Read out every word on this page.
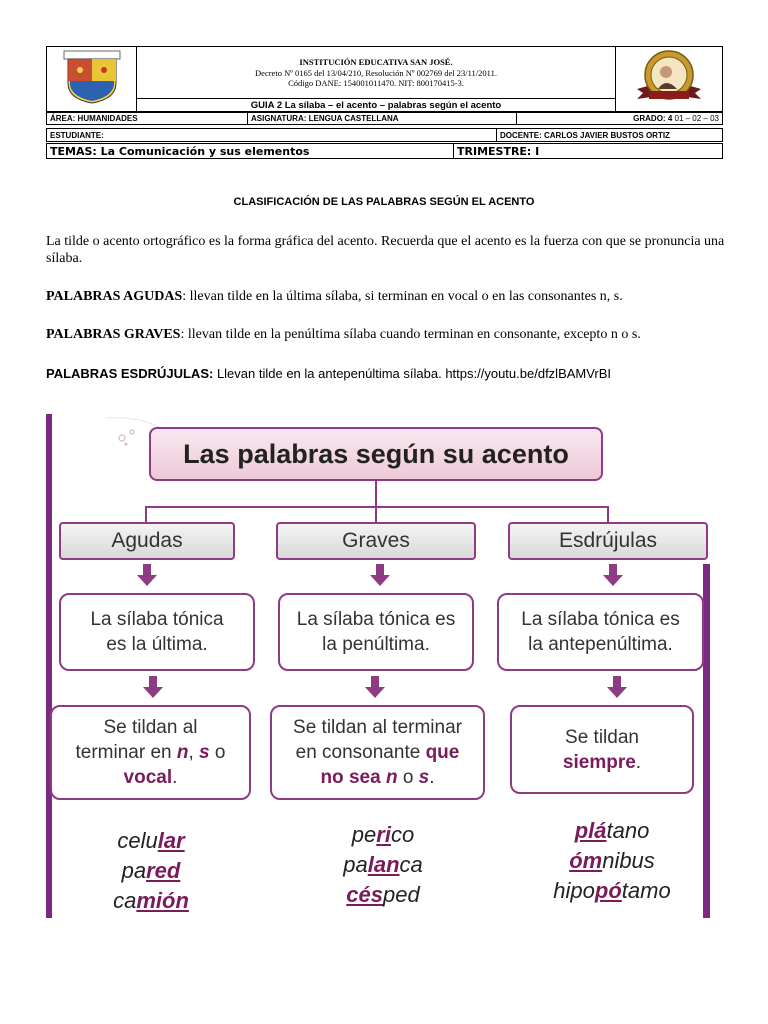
INSTITUCIÓN EDUCATIVA SAN JOSÉ.
Decreto Nº 0165 del 13/04/210, Resolución Nº 002769 del 23/11/2011.
Código DANE: 154001011470. NIT: 800170415-3.

GUIA 2 La sílaba – el acento – palabras según el acento
ÁREA: HUMANIDADES	ASIGNATURA: LENGUA CASTELLANA	GRADO: 4 01 – 02 – 03
ESTUDIANTE:	DOCENTE: CARLOS JAVIER BUSTOS ORTIZ
TEMAS: La Comunicación y sus elementos	TRIMESTRE: I
CLASIFICACIÓN DE LAS PALABRAS SEGÚN EL ACENTO
La tilde o acento ortográfico es la forma gráfica del acento. Recuerda que el acento es la fuerza con que se pronuncia una sílaba.
PALABRAS AGUDAS: llevan tilde en la última sílaba, si terminan en vocal o en las consonantes n, s.
PALABRAS GRAVES: llevan tilde en la penúltima sílaba cuando terminan en consonante, excepto n o s.
PALABRAS ESDRÚJULAS: Llevan tilde en la antepenúltima sílaba. https://youtu.be/dfzlBAMVrBI
Las palabras según su acento
Agudas	Graves	Esdrújulas
La sílaba tónica
es la última.
La sílaba tónica es
la penúltima.
La sílaba tónica es
la antepenúltima.
Se tildan al
terminar en n, s o
vocal.
Se tildan al terminar
en consonante que
no sea n o s.
Se tildan
siempre.
celular
pared
camión
perico
palanca
césped
plátano
ómnibus
hipopótamo
